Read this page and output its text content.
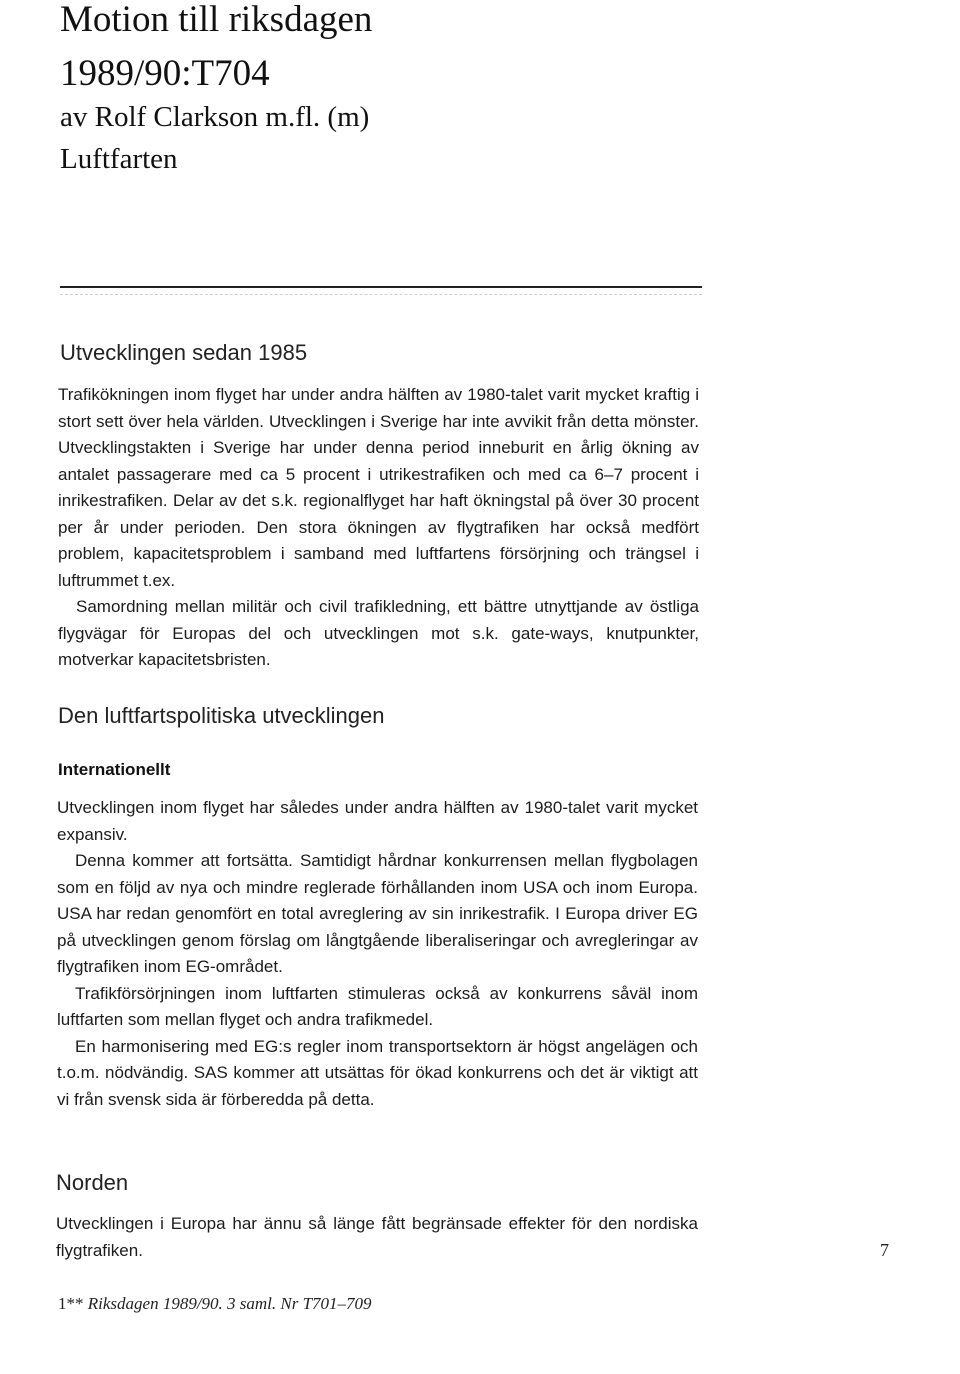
Motion till riksdagen
1989/90:T704
av Rolf Clarkson m.fl. (m)
Luftfarten
Utvecklingen sedan 1985

Trafikökningen inom flyget har under andra hälften av 1980-talet varit mycket kraftig i stort sett över hela världen. Utvecklingen i Sverige har inte avvikit från detta mönster. Utvecklingstakten i Sverige har under denna period inneburit en årlig ökning av antalet passagerare med ca 5 procent i utrikestrafiken och med ca 6–7 procent i inrikestrafiken. Delar av det s.k. regionalflyget har haft ökningstal på över 30 procent per år under perioden. Den stora ökningen av flygtrafiken har också medfört problem, kapacitetsproblem i samband med luftfartens försörjning och trängsel i luftrummet t.ex.

Samordning mellan militär och civil trafikledning, ett bättre utnyttjande av östliga flygvägar för Europas del och utvecklingen mot s.k. gate-ways, knutpunkter, motverkar kapacitetsbristen.

Den luftfartspolitiska utvecklingen
Internationellt

Utvecklingen inom flyget har således under andra hälften av 1980-talet varit mycket expansiv.

Denna kommer att fortsätta. Samtidigt hårdnar konkurrensen mellan flygbolagen som en följd av nya och mindre reglerade förhållanden inom USA och inom Europa. USA har redan genomfört en total avreglering av sin inrikestrafik. I Europa driver EG på utvecklingen genom förslag om långtgående liberaliseringar och avregleringar av flygtrafiken inom EG-området.

Trafikförsörjningen inom luftfarten stimuleras också av konkurrens såväl inom luftfarten som mellan flyget och andra trafikmedel.

En harmonisering med EG:s regler inom transportsektorn är högst angelägen och t.o.m. nödvändig. SAS kommer att utsättas för ökad konkurrens och det är viktigt att vi från svensk sida är förberedda på detta.

Norden

Utvecklingen i Europa har ännu så länge fått begränsade effekter för den nordiska flygtrafiken.	7
1** Riksdagen 1989/90. 3 saml. Nr T701–709
